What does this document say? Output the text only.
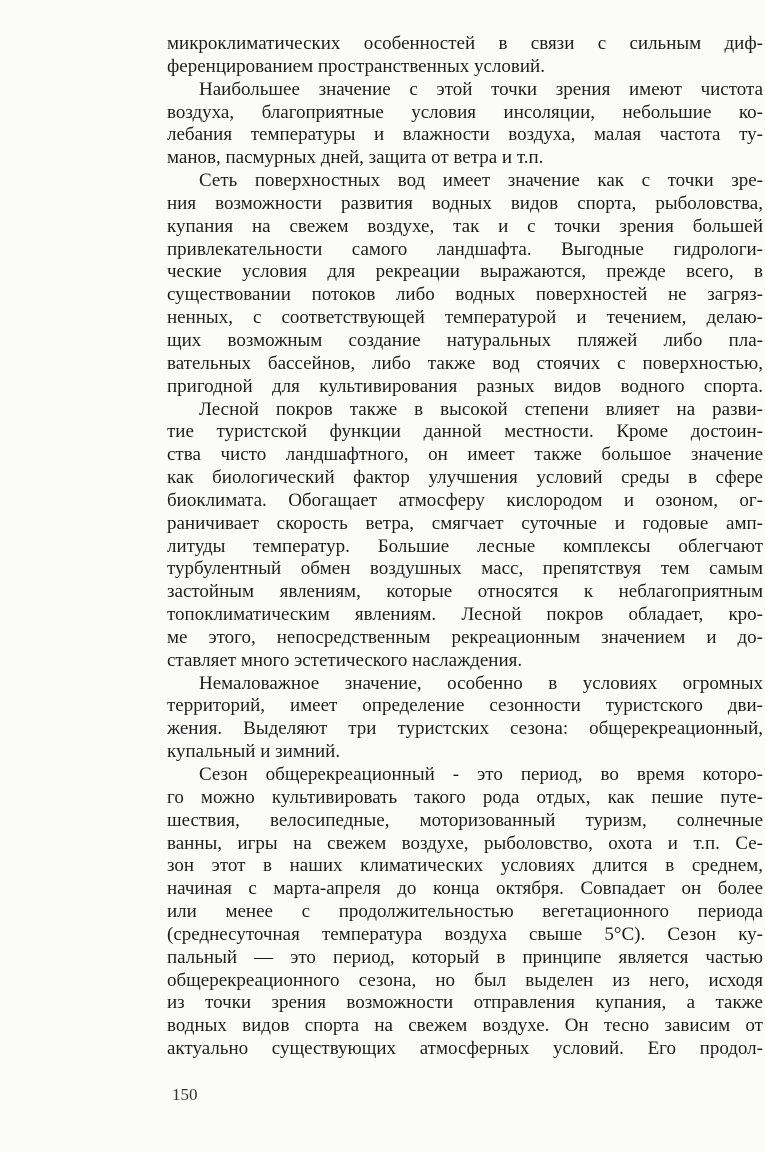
микроклиматических особенностей в связи с сильным диф-
ференцированием пространственных условий.
Наибольшее значение с этой точки зрения имеют чистота
воздуха, благоприятные условия инсоляции, небольшие ко-
лебания температуры и влажности воздуха, малая частота ту-
манов, пасмурных дней, защита от ветра и т.п.
Сеть поверхностных вод имеет значение как с точки зре-
ния возможности развития водных видов спорта, рыболовства,
купания на свежем воздухе, так и с точки зрения большей
привлекательности самого ландшафта. Выгодные гидрологи-
ческие условия для рекреации выражаются, прежде всего, в
существовании потоков либо водных поверхностей не загряз-
ненных, с соответствующей температурой и течением, делаю-
щих возможным создание натуральных пляжей либо пла-
вательных бассейнов, либо также вод стоячих с поверхностью,
пригодной для культивирования разных видов водного спорта.
Лесной покров также в высокой степени влияет на разви-
тие туристской функции данной местности. Кроме достоин-
ства чисто ландшафтного, он имеет также большое значение
как биологический фактор улучшения условий среды в сфере
биоклимата. Обогащает атмосферу кислородом и озоном, ог-
раничивает скорость ветра, смягчает суточные и годовые амп-
литуды температур. Большие лесные комплексы облегчают
турбулентный обмен воздушных масс, препятствуя тем самым
застойным явлениям, которые относятся к неблагоприятным
топоклиматическим явлениям. Лесной покров обладает, кро-
ме этого, непосредственным рекреационным значением и до-
ставляет много эстетического наслаждения.
Немаловажное значение, особенно в условиях огромных
территорий, имеет определение сезонности туристского дви-
жения. Выделяют три туристских сезона: общерекреационный,
купальный и зимний.
Сезон общерекреационный - это период, во время которо-
го можно культивировать такого рода отдых, как пешие путе-
шествия, велосипедные, моторизованный туризм, солнечные
ванны, игры на свежем воздухе, рыболовство, охота и т.п. Се-
зон этот в наших климатических условиях длится в среднем,
начиная с марта-апреля до конца октября. Совпадает он более
или менее с продолжительностью вегетационного периода
(среднесуточная температура воздуха свыше 5°С). Сезон ку-
пальный — это период, который в принципе является частью
общерекреационного сезона, но был выделен из него, исходя
из точки зрения возможности отправления купания, а также
водных видов спорта на свежем воздухе. Он тесно зависим от
актуально существующих атмосферных условий. Его продол-
150
